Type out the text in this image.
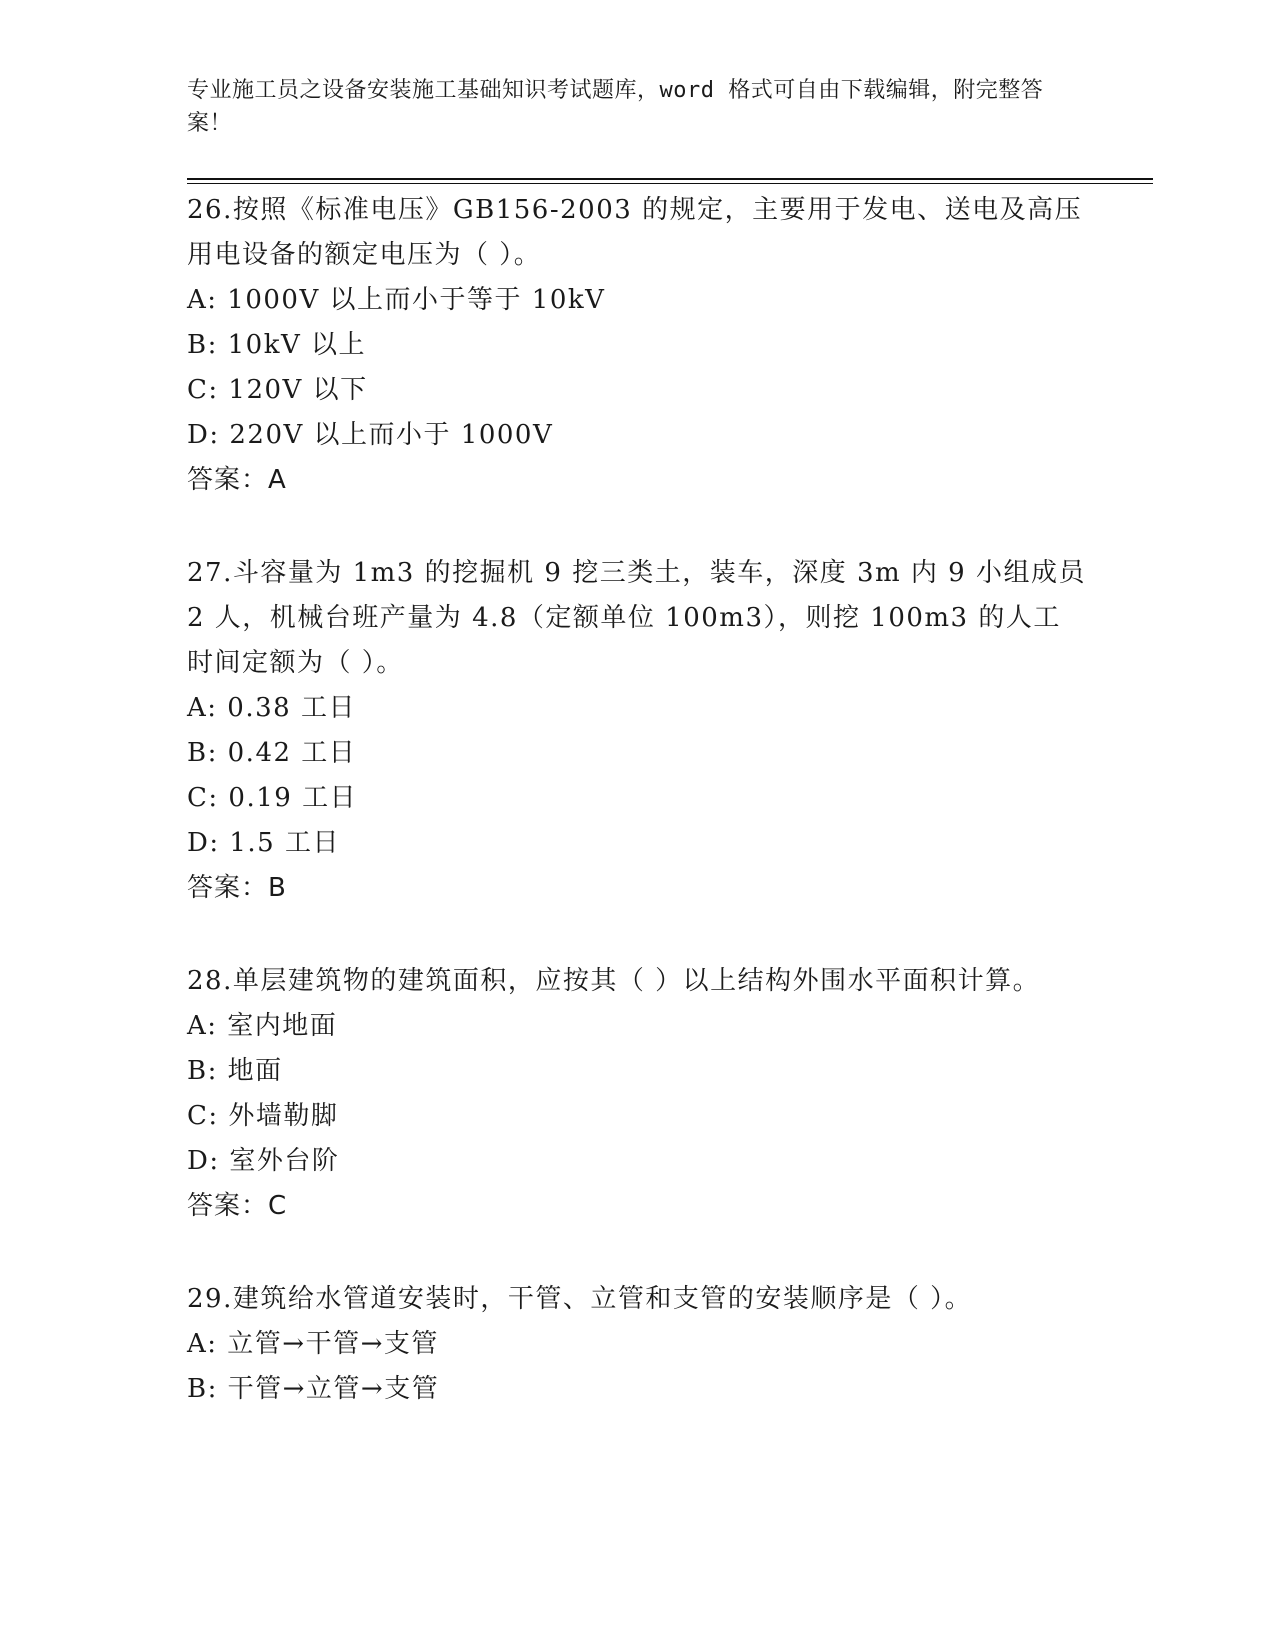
专业施工员之设备安装施工基础知识考试题库，word 格式可自由下载编辑，附完整答案！
26.按照《标准电压》GB156-2003 的规定，主要用于发电、送电及高压用电设备的额定电压为（ ）。
A: 1000V 以上而小于等于 10kV
B: 10kV 以上
C: 120V 以下
D: 220V 以上而小于 1000V
答案：A
27.斗容量为 1m3 的挖掘机 9 挖三类土，装车，深度 3m 内 9 小组成员 2 人，机械台班产量为 4.8（定额单位 100m3），则挖 100m3 的人工时间定额为（ ）。
A: 0.38 工日
B: 0.42 工日
C: 0.19 工日
D: 1.5 工日
答案：B
28.单层建筑物的建筑面积，应按其（ ）以上结构外围水平面积计算。
A: 室内地面
B: 地面
C: 外墙勒脚
D: 室外台阶
答案：C
29.建筑给水管道安装时，干管、立管和支管的安装顺序是（ ）。
A: 立管→干管→支管
B: 干管→立管→支管
